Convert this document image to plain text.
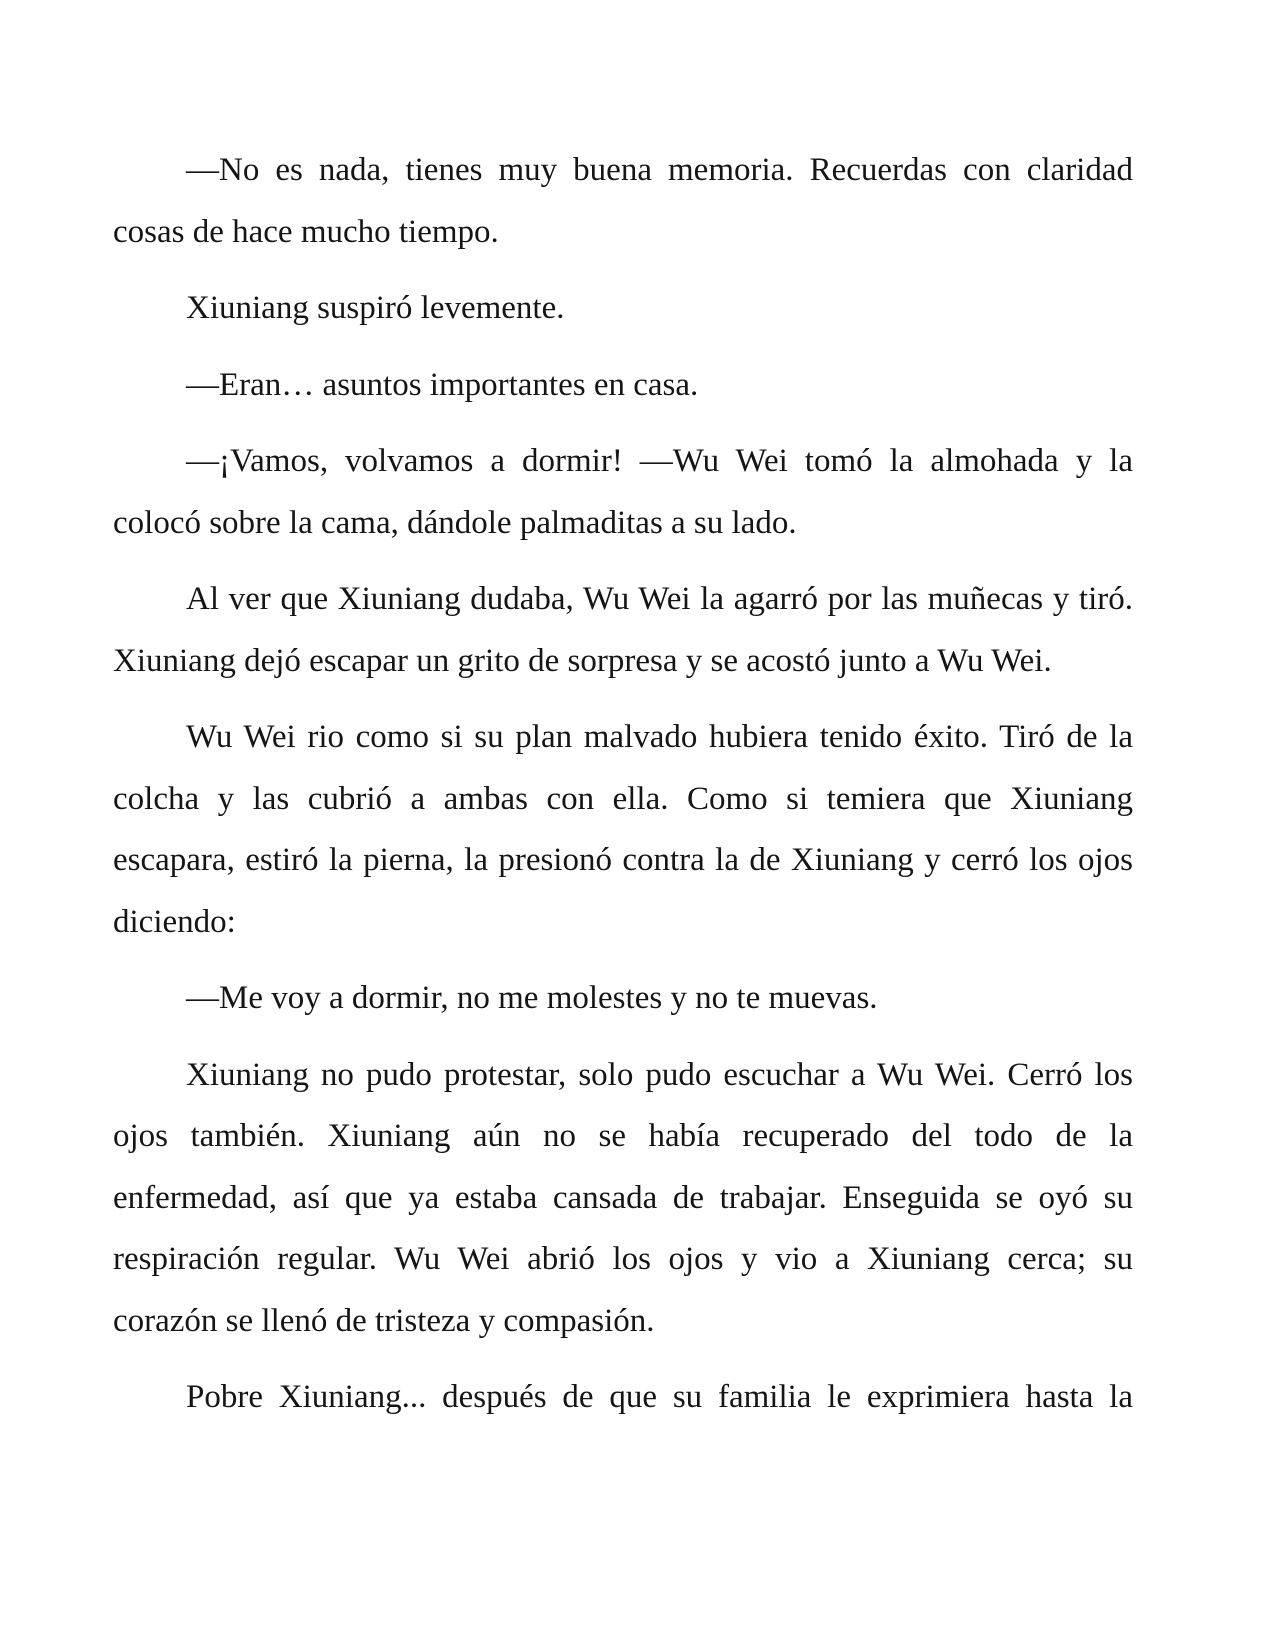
—No es nada, tienes muy buena memoria. Recuerdas con claridad cosas de hace mucho tiempo.

Xiuniang suspiró levemente.

—Eran… asuntos importantes en casa.

—¡Vamos, volvamos a dormir! —Wu Wei tomó la almohada y la colocó sobre la cama, dándole palmaditas a su lado.

Al ver que Xiuniang dudaba, Wu Wei la agarró por las muñecas y tiró. Xiuniang dejó escapar un grito de sorpresa y se acostó junto a Wu Wei.

Wu Wei rio como si su plan malvado hubiera tenido éxito. Tiró de la colcha y las cubrió a ambas con ella. Como si temiera que Xiuniang escapara, estiró la pierna, la presionó contra la de Xiuniang y cerró los ojos diciendo:

—Me voy a dormir, no me molestes y no te muevas.

Xiuniang no pudo protestar, solo pudo escuchar a Wu Wei. Cerró los ojos también. Xiuniang aún no se había recuperado del todo de la enfermedad, así que ya estaba cansada de trabajar. Enseguida se oyó su respiración regular. Wu Wei abrió los ojos y vio a Xiuniang cerca; su corazón se llenó de tristeza y compasión.

Pobre Xiuniang... después de que su familia le exprimiera hasta la
